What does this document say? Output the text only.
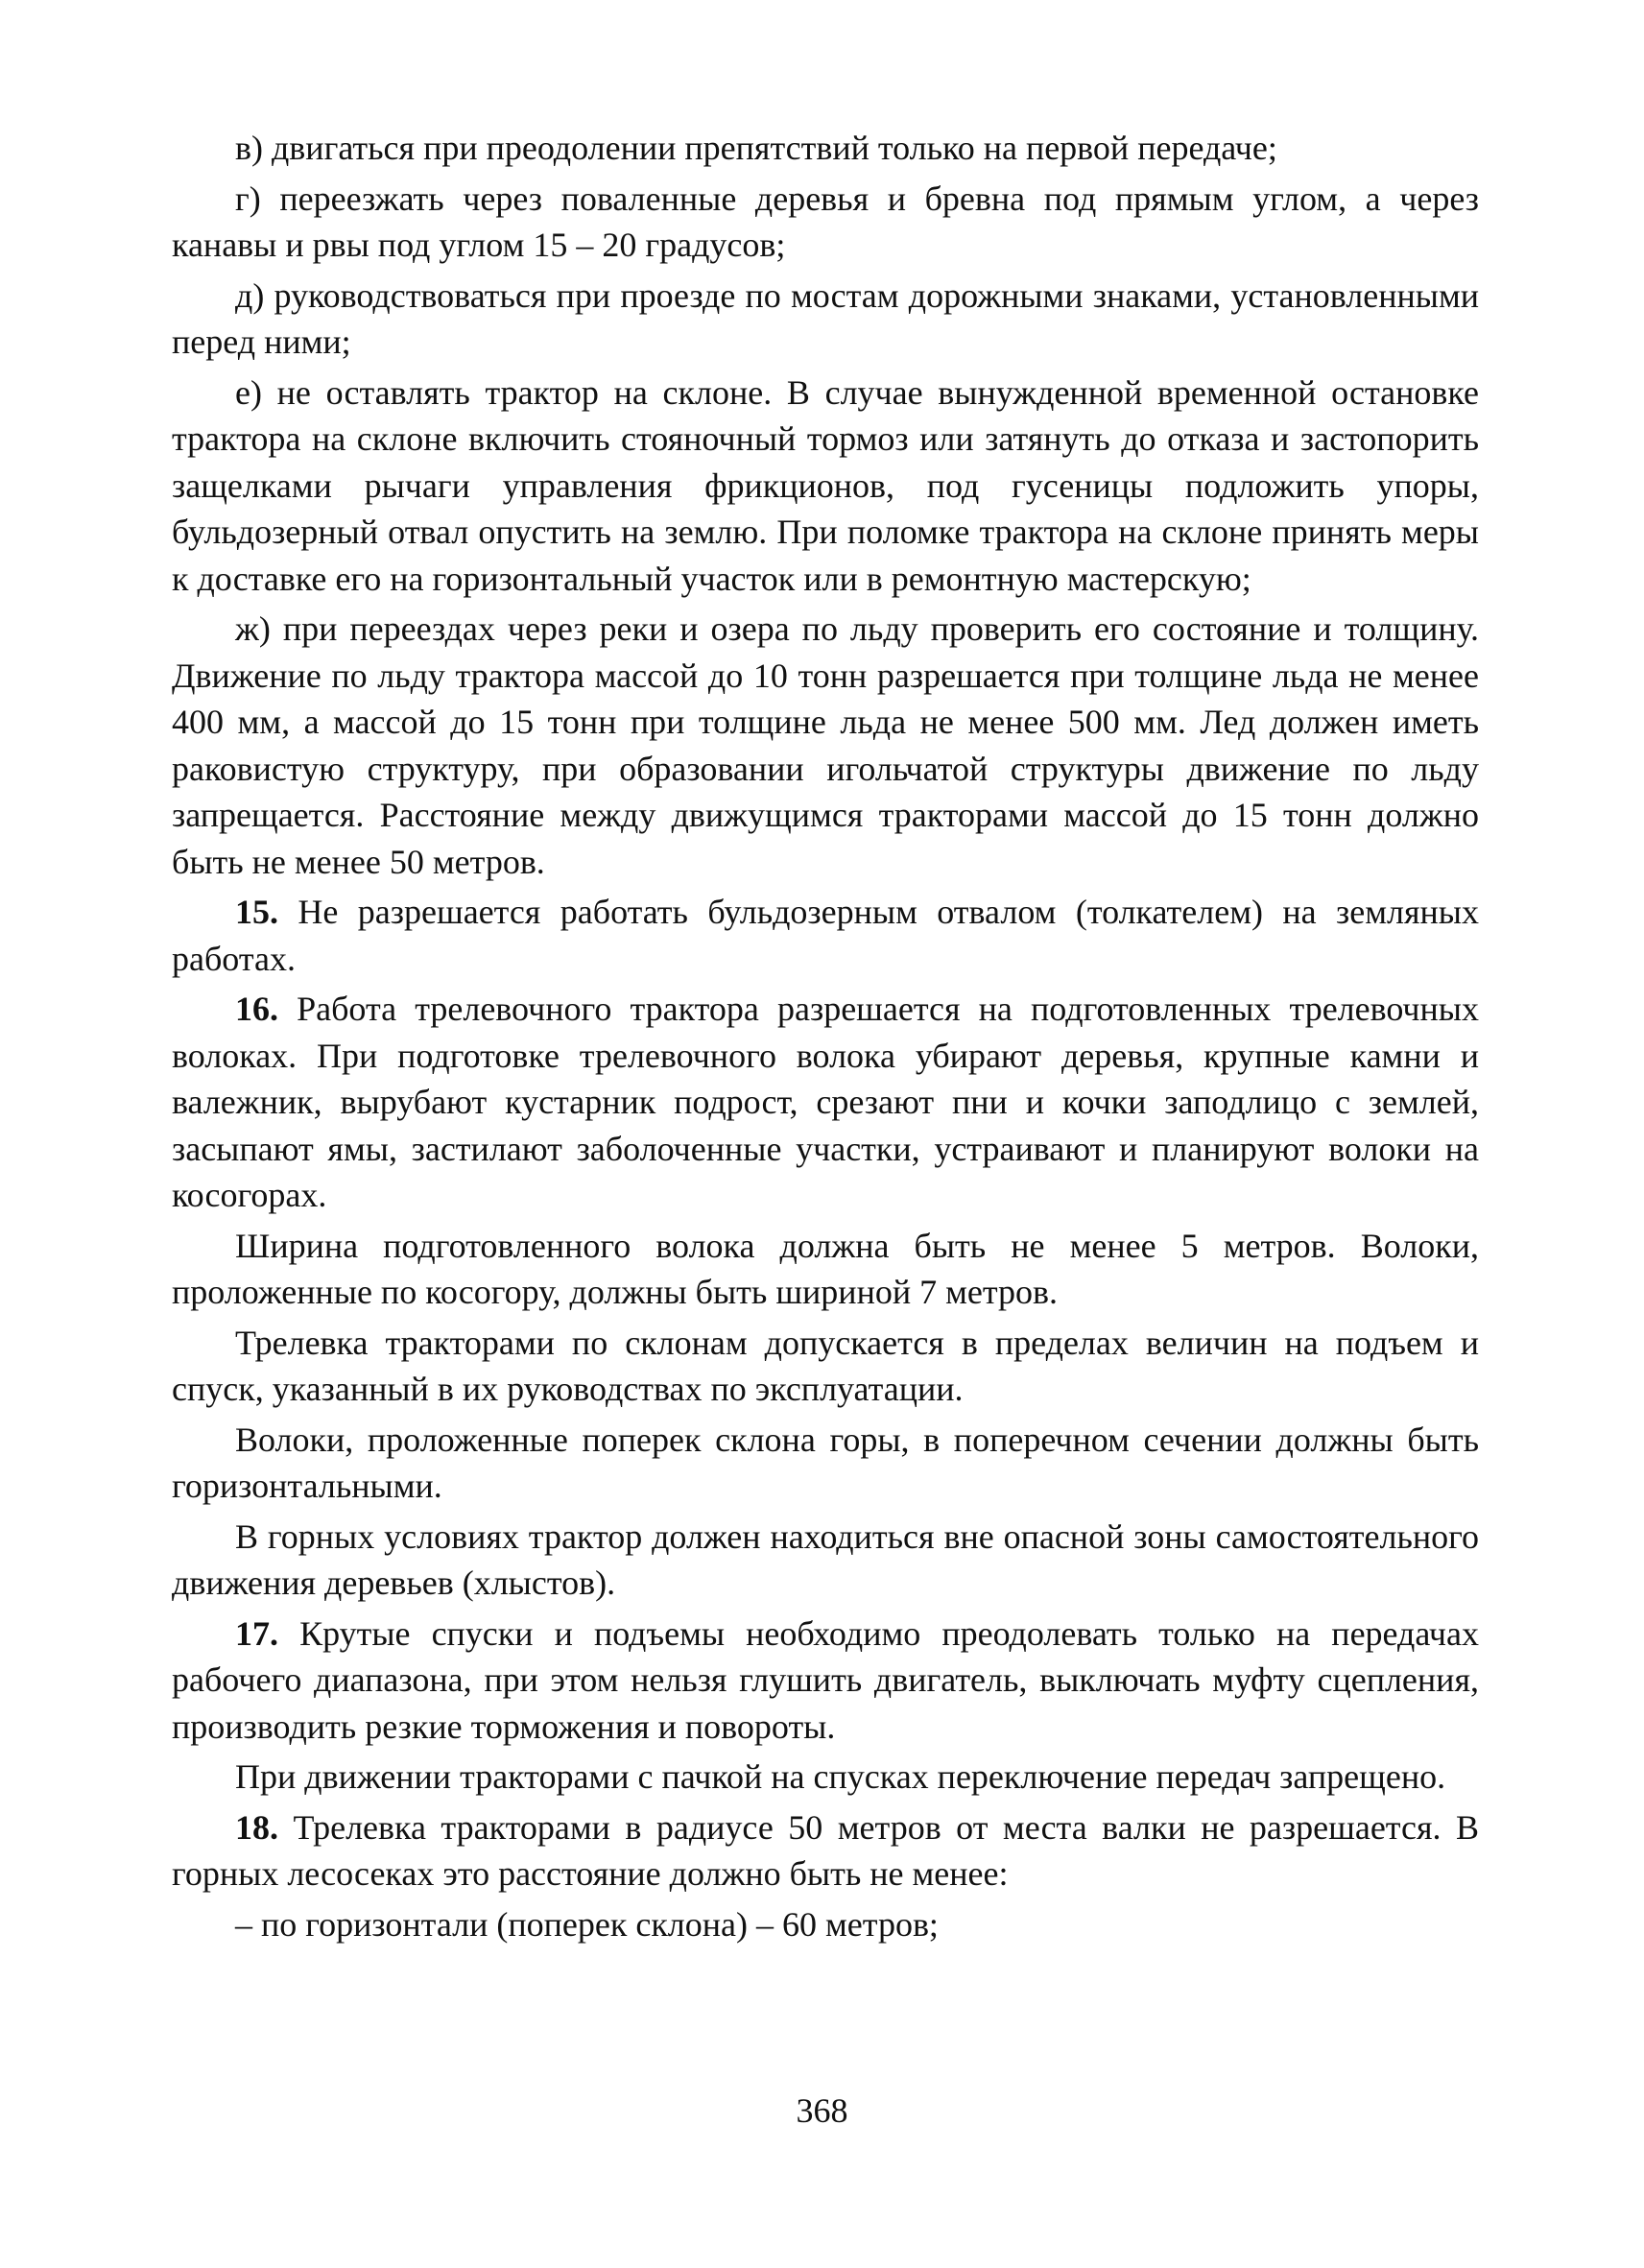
в) двигаться при преодолении препятствий только на первой передаче;

г) переезжать через поваленные деревья и бревна под прямым углом, а через канавы и рвы под углом 15 – 20 градусов;

д) руководствоваться при проезде по мостам дорожными знаками, установленными перед ними;

е) не оставлять трактор на склоне. В случае вынужденной временной остановке трактора на склоне включить стояночный тормоз или затянуть до отказа и застопорить защелками рычаги управления фрикционов, под гусеницы подложить упоры, бульдозерный отвал опустить на землю. При поломке трактора на склоне принять меры к доставке его на горизонтальный участок или в ремонтную мастерскую;

ж) при переездах через реки и озера по льду проверить его состояние и толщину. Движение по льду трактора массой до 10 тонн разрешается при толщине льда не менее 400 мм, а массой до 15 тонн при толщине льда не менее 500 мм. Лед должен иметь раковистую структуру, при образовании игольчатой структуры движение по льду запрещается. Расстояние между движущимся тракторами массой до 15 тонн должно быть не менее 50 метров.

15. Не разрешается работать бульдозерным отвалом (толкателем) на земляных работах.

16. Работа трелевочного трактора разрешается на подготовленных трелевочных волоках. При подготовке трелевочного волока убирают деревья, крупные камни и валежник, вырубают кустарник подрост, срезают пни и кочки заподлицо с землей, засыпают ямы, застилают заболоченные участки, устраивают и планируют волоки на косогорах.

Ширина подготовленного волока должна быть не менее 5 метров. Волоки, проложенные по косогору, должны быть шириной 7 метров.

Трелевка тракторами по склонам допускается в пределах величин на подъем и спуск, указанный в их руководствах по эксплуатации.

Волоки, проложенные поперек склона горы, в поперечном сечении должны быть горизонтальными.

В горных условиях трактор должен находиться вне опасной зоны самостоятельного движения деревьев (хлыстов).

17. Крутые спуски и подъемы необходимо преодолевать только на передачах рабочего диапазона, при этом нельзя глушить двигатель, выключать муфту сцепления, производить резкие торможения и повороты.

При движении тракторами с пачкой на спусках переключение передач запрещено.

18. Трелевка тракторами в радиусе 50 метров от места валки не разрешается. В горных лесосеках это расстояние должно быть не менее:

– по горизонтали (поперек склона) – 60 метров;

368
